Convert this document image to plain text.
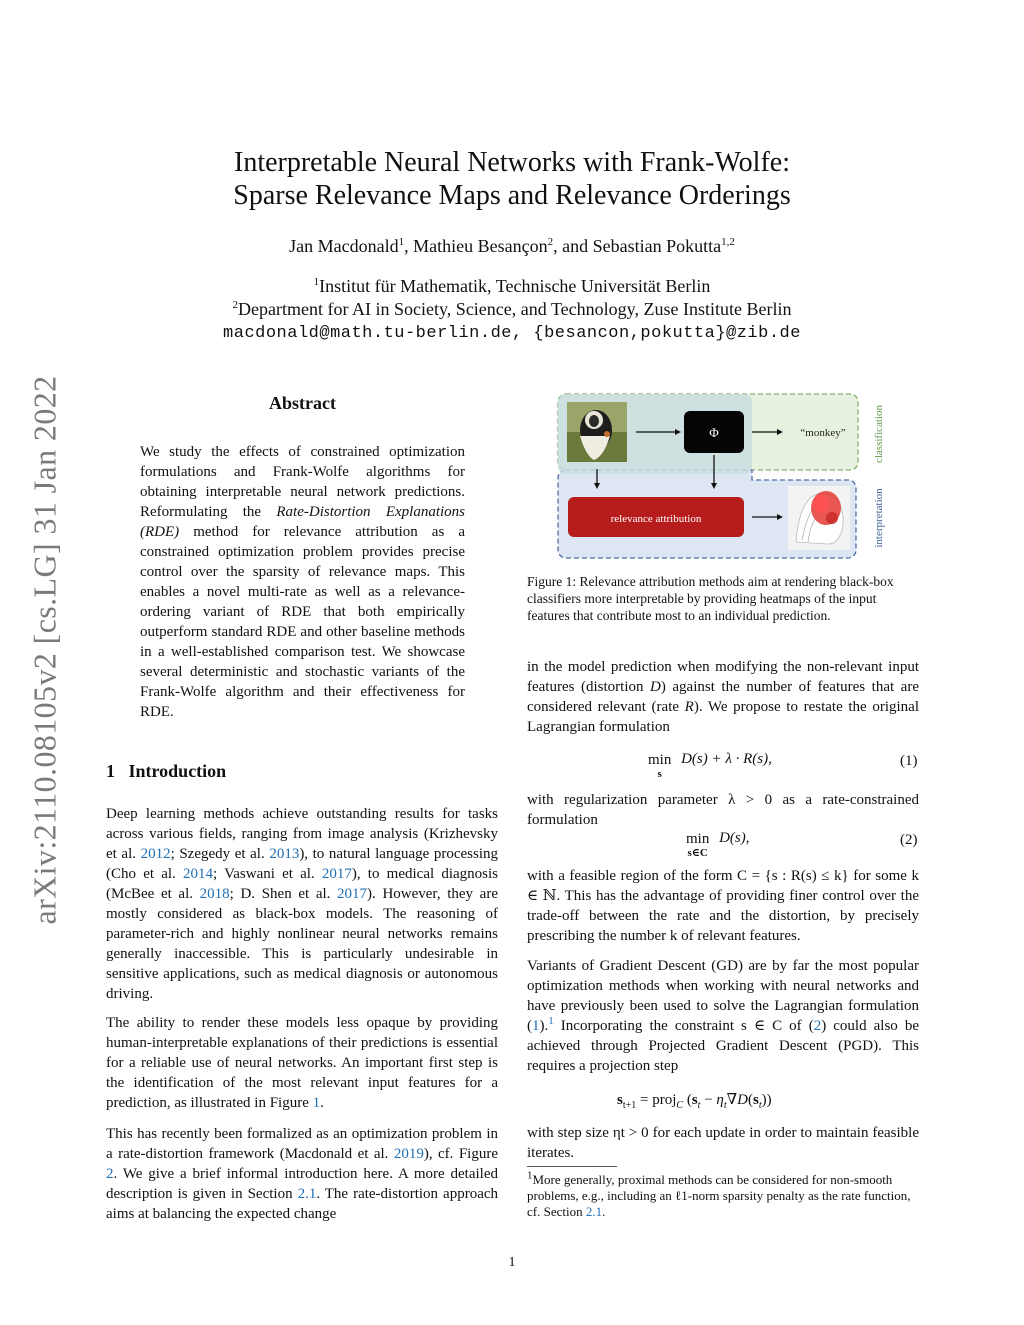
Interpretable Neural Networks with Frank-Wolfe:
Sparse Relevance Maps and Relevance Orderings
Jan Macdonald$^1$, Mathieu Besançon$^2$, and Sebastian Pokutta$^{1,2}$
$^1$Institut für Mathematik, Technische Universität Berlin
$^2$Department for AI in Society, Science, and Technology, Zuse Institute Berlin
macdonald@math.tu-berlin.de, {besancon,pokutta}@zib.de
arXiv:2110.08105v2 [cs.LG] 31 Jan 2022	Abstract
We study the effects of constrained optimization formulations and Frank-Wolfe algorithms for obtaining interpretable neural network predictions. Reformulating the Rate-Distortion Explanations (RDE) method for relevance attribution as a constrained optimization problem provides precise control over the sparsity of relevance maps. This enables a novel multi-rate as well as a relevance-ordering variant of RDE that both empirically outperform standard RDE and other baseline methods in a well-established comparison test. We showcase several deterministic and stochastic variants of the Frank-Wolfe algorithm and their effectiveness for RDE.
1 Introduction
Deep learning methods achieve outstanding results for tasks across various fields, ranging from image analysis (Krizhevsky et al. 2012; Szegedy et al. 2013), to natural language processing (Cho et al. 2014; Vaswani et al. 2017), to medical diagnosis (McBee et al. 2018; D. Shen et al. 2017). However, they are mostly considered as black-box models. The reasoning of parameter-rich and highly nonlinear neural networks remains generally inaccessible. This is particularly undesirable in sensitive applications, such as medical diagnosis or autonomous driving.
The ability to render these models less opaque by providing human-interpretable explanations of their predictions is essential for a reliable use of neural networks. An important first step is the identification of the most relevant input features for a prediction, as illustrated in Figure 1.
This has recently been formalized as an optimization problem in a rate-distortion framework (Macdonald et al. 2019), cf. Figure 2. We give a brief informal introduction here. A more detailed description is given in Section 2.1. The rate-distortion approach aims at balancing the expected change
Φ	“monkey”
relevance attribution
classification
interpretation
Figure 1: Relevance attribution methods aim at rendering black-box classifiers more interpretable by providing heatmaps of the input features that contribute most to an individual prediction.
in the model prediction when modifying the non-relevant input features (distortion D) against the number of features that are considered relevant (rate R). We propose to restate the original Lagrangian formulation
min
s
D(s) + λ · R(s),	(1)
with regularization parameter λ > 0 as a rate-constrained formulation
min
s∈C
D(s),	(2)
with a feasible region of the form C = {s : R(s) ≤ k} for some k ∈ ℕ. This has the advantage of providing finer control over the trade-off between the rate and the distortion, by precisely prescribing the number k of relevant features.
Variants of Gradient Descent (GD) are by far the most popular optimization methods when working with neural networks and have previously been used to solve the Lagrangian formulation (1).$^1$ Incorporating the constraint s ∈ C of (2) could also be achieved through Projected Gradient Descent (PGD). This requires a projection step
$s_{t+1}$ = proj$_C$ $(s_t - \eta_t\nabla D(s_t))$
with step size ηt > 0 for each update in order to maintain feasible iterates.
$^1$More generally, proximal methods can be considered for non-smooth problems, e.g., including an ℓ1-norm sparsity penalty as the rate function, cf. Section 2.1.
1
